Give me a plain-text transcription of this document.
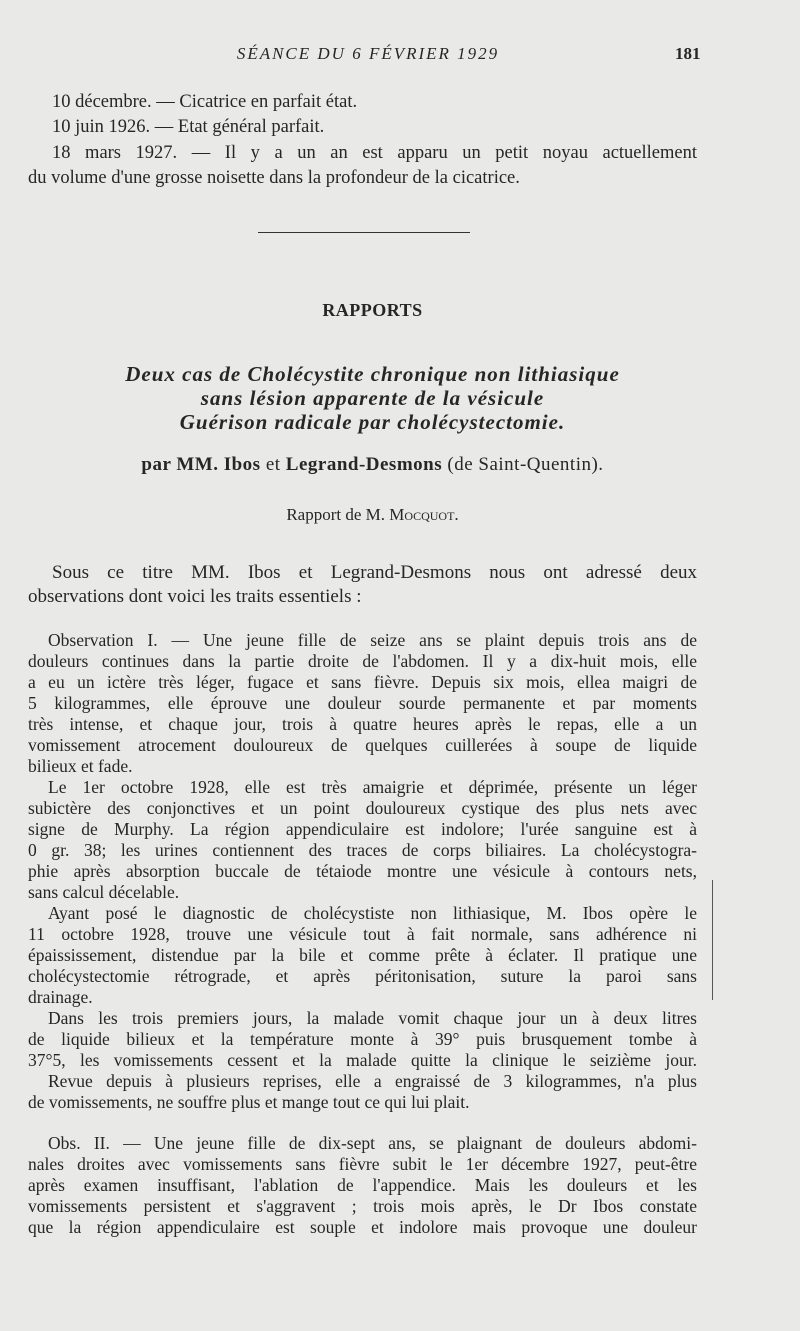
SÉANCE DU 6 FÉVRIER 1929	181
10 décembre. — Cicatrice en parfait état.
10 juin 1926. — Etat général parfait.
18 mars 1927. — Il y a un an est apparu un petit noyau actuellement
du volume d'une grosse noisette dans la profondeur de la cicatrice.
RAPPORTS
Deux cas de Cholécystite chronique non lithiasique
sans lésion apparente de la vésicule
Guérison radicale par cholécystectomie.
par MM. Ibos et Legrand-Desmons (de Saint-Quentin).
Rapport de M. Mocquot.
Sous ce titre MM. Ibos et Legrand-Desmons nous ont adressé deux
observations dont voici les traits essentiels :
Observation I. — Une jeune fille de seize ans se plaint depuis trois ans de
douleurs continues dans la partie droite de l'abdomen. Il y a dix-huit mois, elle
a eu un ictère très léger, fugace et sans fièvre. Depuis six mois, ellea maigri de
5 kilogrammes, elle éprouve une douleur sourde permanente et par moments
très intense, et chaque jour, trois à quatre heures après le repas, elle a un
vomissement atrocement douloureux de quelques cuillerées à soupe de liquide
bilieux et fade.
Le 1er octobre 1928, elle est très amaigrie et déprimée, présente un léger
subictère des conjonctives et un point douloureux cystique des plus nets avec
signe de Murphy. La région appendiculaire est indolore; l'urée sanguine est à
0 gr. 38; les urines contiennent des traces de corps biliaires. La cholécystogra-
phie après absorption buccale de tétaiode montre une vésicule à contours nets,
sans calcul décelable.
Ayant posé le diagnostic de cholécystiste non lithiasique, M. Ibos opère le
11 octobre 1928, trouve une vésicule tout à fait normale, sans adhérence ni
épaississement, distendue par la bile et comme prête à éclater. Il pratique une
cholécystectomie rétrograde, et après péritonisation, suture la paroi sans
drainage.
Dans les trois premiers jours, la malade vomit chaque jour un à deux litres
de liquide bilieux et la température monte à 39° puis brusquement tombe à
37°5, les vomissements cessent et la malade quitte la clinique le seizième jour.
Revue depuis à plusieurs reprises, elle a engraissé de 3 kilogrammes, n'a plus
de vomissements, ne souffre plus et mange tout ce qui lui plait.
Obs. II. — Une jeune fille de dix-sept ans, se plaignant de douleurs abdomi-
nales droites avec vomissements sans fièvre subit le 1er décembre 1927, peut-être
après examen insuffisant, l'ablation de l'appendice. Mais les douleurs et les
vomissements persistent et s'aggravent ; trois mois après, le Dr Ibos constate
que la région appendiculaire est souple et indolore mais provoque une douleur
